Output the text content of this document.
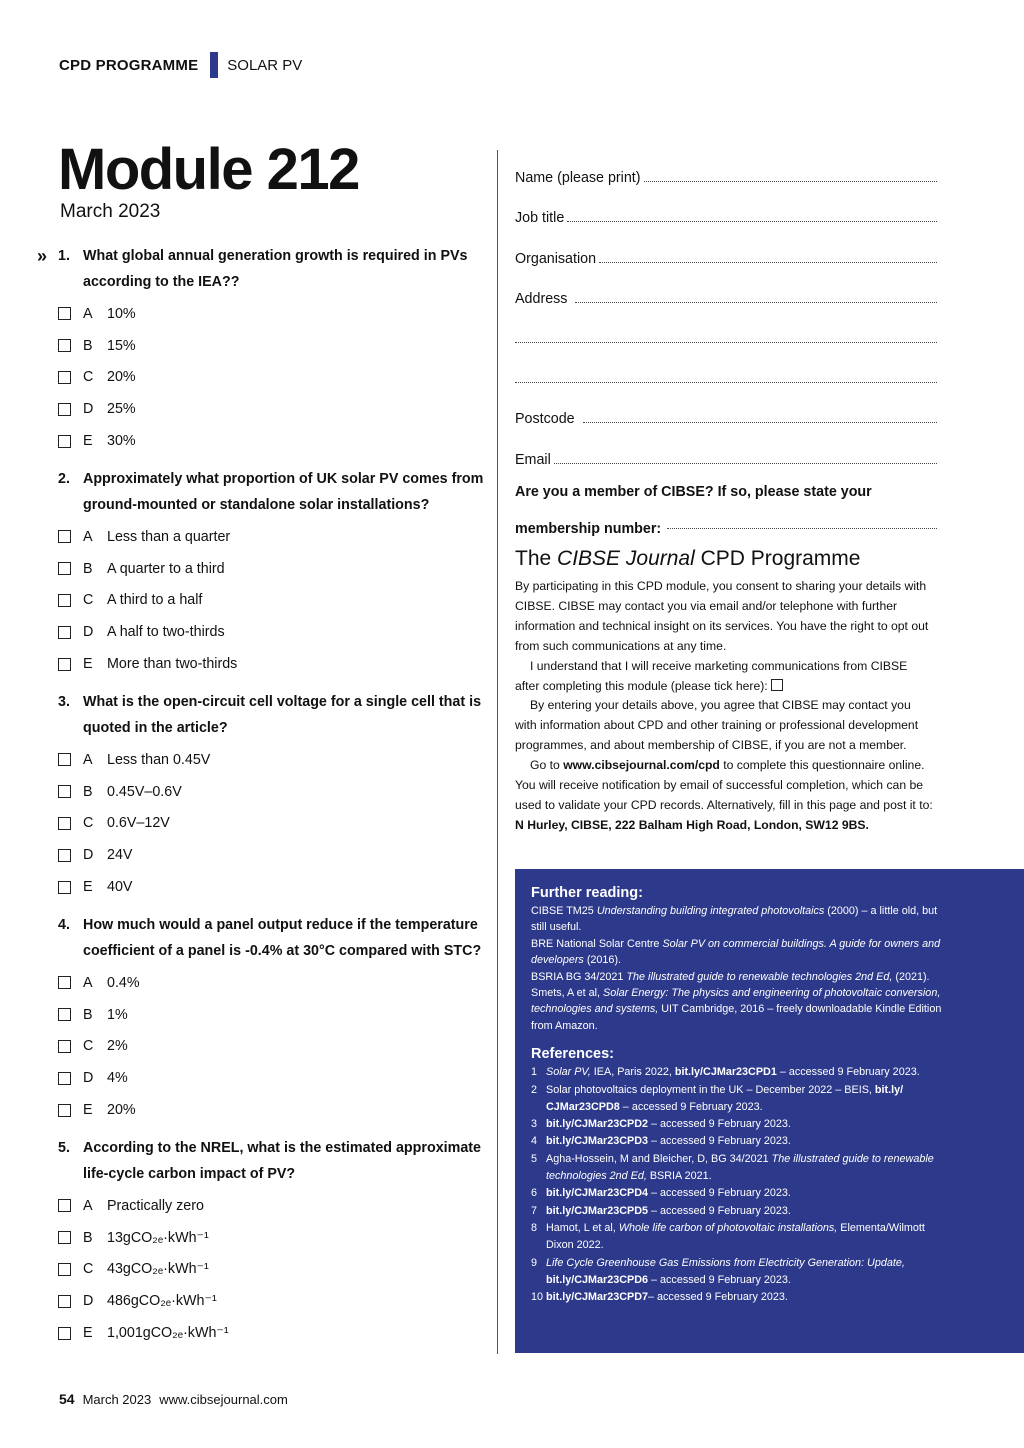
CPD PROGRAMME SOLAR PV
Module 212
March 2023
» 1. What global annual generation growth is required in PVs according to the IEA??
A	10%
B	15%
C 20%
D 25%
E	30%
2. Approximately what proportion of UK solar PV comes from ground-mounted or standalone solar installations?
A	Less than a quarter
B	A quarter to a third
C A third to a half
D A half to two-thirds
E	More than two-thirds
3. What is the open-circuit cell voltage for a single cell that is quoted in the article?
A	Less than 0.45V
B	0.45V–0.6V
C 0.6V–12V
D 24V
E	40V
4. How much would a panel output reduce if the temperature coefficient of a panel is -0.4% at 30°C compared with STC?
A	0.4%
B	1%
C 2%
D 4%
E	20%
5. According to the NREL, what is the estimated approximate life-cycle carbon impact of PV?
A	Practically zero
B	13gCO₂ₑ·kWh⁻¹
C 43gCO₂ₑ·kWh⁻¹
D 486gCO₂ₑ·kWh⁻¹
E	1,001gCO₂ₑ·kWh⁻¹
Name (please print)
Job title
Organisation
Address
Postcode
Email
Are you a member of CIBSE? If so, please state your
membership number:
The CIBSE Journal CPD Programme

By participating in this CPD module, you consent to sharing your details with CIBSE. CIBSE may contact you via email and/or telephone with further information and technical insight on its services. You have the right to opt out from such communications at any time.

I understand that I will receive marketing communications from CIBSE after completing this module (please tick here):

By entering your details above, you agree that CIBSE may contact you with information about CPD and other training or professional development programmes, and about membership of CIBSE, if you are not a member.

Go to www.cibsejournal.com/cpd to complete this questionnaire online. You will receive notification by email of successful completion, which can be used to validate your CPD records. Alternatively, fill in this page and post it to: N Hurley, CIBSE, 222 Balham High Road, London, SW12 9BS.

Further reading:
CIBSE TM25 Understanding building integrated photovoltaics (2000) – a little old, but still useful.
BRE National Solar Centre Solar PV on commercial buildings. A guide for owners and developers (2016).
BSRIA BG 34/2021 The illustrated guide to renewable technologies 2nd Ed, (2021).
Smets, A et al, Solar Energy: The physics and engineering of photovoltaic conversion, technologies and systems, UIT Cambridge, 2016 – freely downloadable Kindle Edition from Amazon.
References:
1 Solar PV, IEA, Paris 2022, bit.ly/CJMar23CPD1 – accessed 9 February 2023.
2 Solar photovoltaics deployment in the UK – December 2022 – BEIS, bit.ly/ CJMar23CPD8 – accessed 9 February 2023.
3 bit.ly/CJMar23CPD2 – accessed 9 February 2023.
4 bit.ly/CJMar23CPD3 – accessed 9 February 2023.
5 Agha-Hossein, M and Bleicher, D, BG 34/2021 The illustrated guide to renewable technologies 2nd Ed, BSRIA 2021.
6 bit.ly/CJMar23CPD4 – accessed 9 February 2023.
7 bit.ly/CJMar23CPD5 – accessed 9 February 2023.
8 Hamot, L et al, Whole life carbon of photovoltaic installations, Elementa/Wilmott Dixon 2022.
9 Life Cycle Greenhouse Gas Emissions from Electricity Generation: Update, bit.ly/CJMar23CPD6 – accessed 9 February 2023.
10 bit.ly/CJMar23CPD7– accessed 9 February 2023.
54 March 2023 www.cibsejournal.com
